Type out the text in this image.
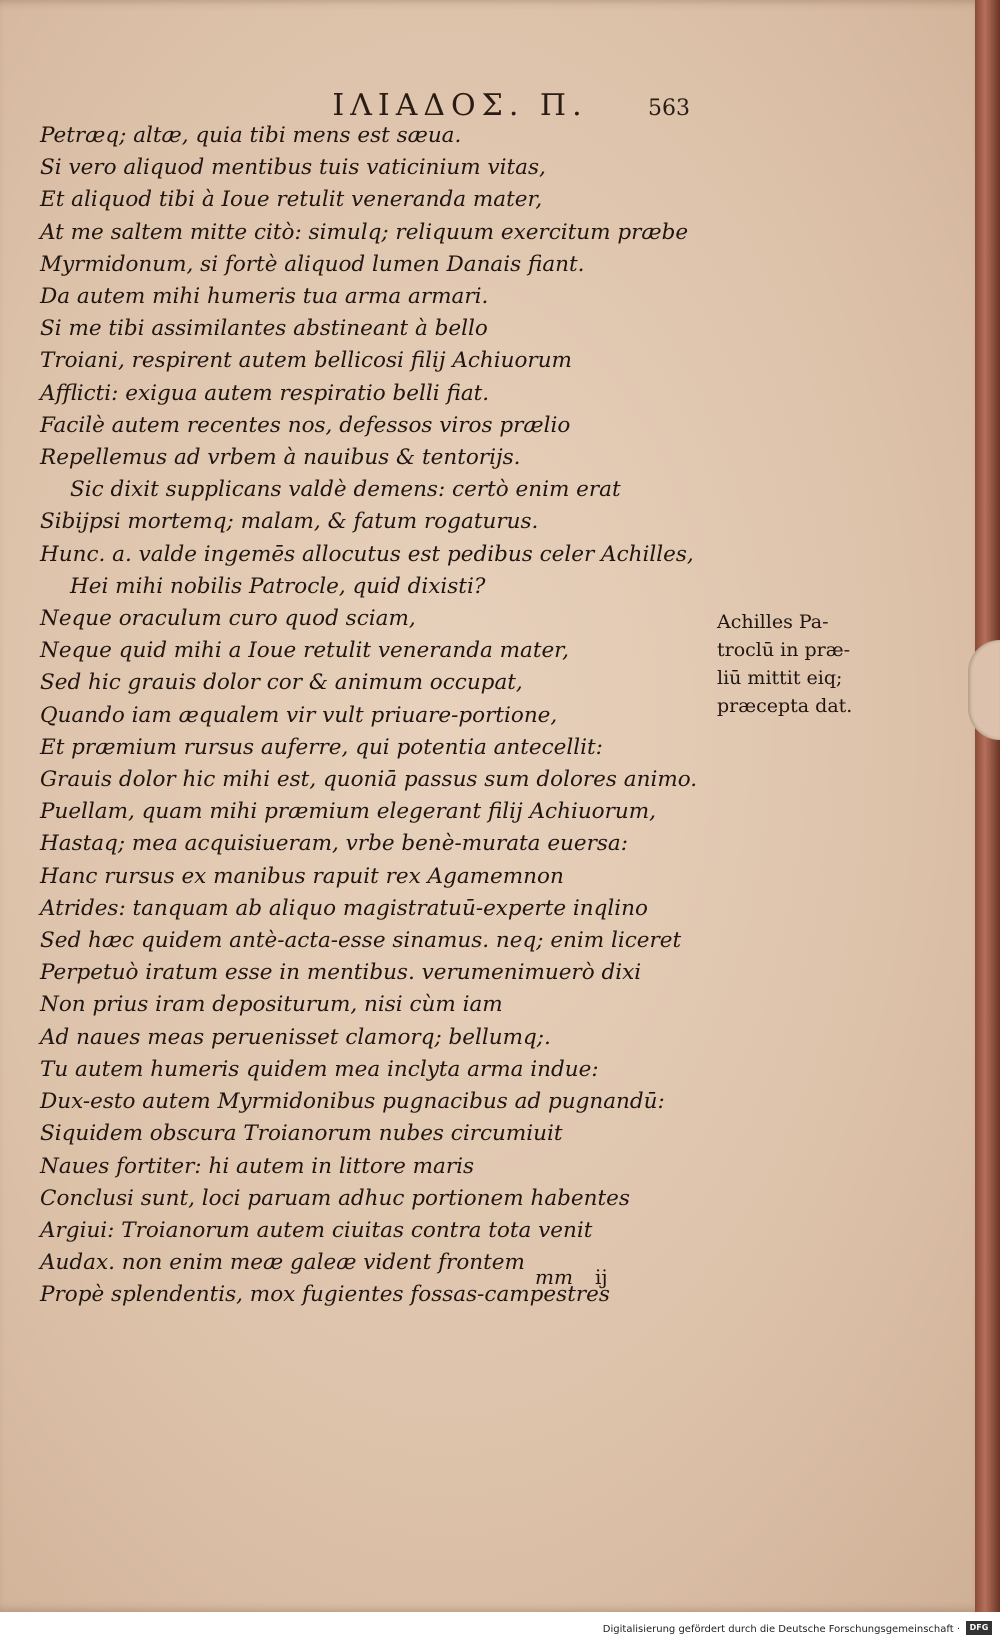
ΙΛΙΑΔΟΣ. Π.	563
Petræq; altæ, quia tibi mens est sæua.
Si vero aliquod mentibus tuis vaticinium vitas,
Et aliquod tibi à Ioue retulit veneranda mater,
At me saltem mitte citò: simulq; reliquum exercitum præbe
Myrmidonum, si fortè aliquod lumen Danais fiant.
Da autem mihi humeris tua arma armari.
Si me tibi assimilantes abstineant à bello
Troiani, respirent autem bellicosi filij Achiuorum
Afflicti: exigua autem respiratio belli fiat.
Facilè autem recentes nos, defessos viros prælio
Repellemus ad vrbem à nauibus & tentorijs.
Sic dixit supplicans valdè demens: certò enim erat
Sibijpsi mortemq; malam, & fatum rogaturus.
Hunc. a. valde ingemēs allocutus est pedibus celer Achilles,
Hei mihi nobilis Patrocle, quid dixisti?
Neque oraculum curo quod sciam,
Neque quid mihi a Ioue retulit veneranda mater,
Sed hic grauis dolor cor & animum occupat,
Quando iam æqualem vir vult priuare-portione,
Et præmium rursus auferre, qui potentia antecellit:
Grauis dolor hic mihi est, quoniā passus sum dolores animo.
Puellam, quam mihi præmium elegerant filij Achiuorum,
Hastaq; mea acquisiueram, vrbe benè-murata euersa:
Hanc rursus ex manibus rapuit rex Agamemnon
Atrides: tanquam ab aliquo magistratuū-experte inqlino
Sed hæc quidem antè-acta-esse sinamus. neq; enim liceret
Perpetuò iratum esse in mentibus. verumenimuerò dixi
Non prius iram depositurum, nisi cùm iam
Ad naues meas peruenisset clamorq; bellumq;.
Tu autem humeris quidem mea inclyta arma indue:
Dux-esto autem Myrmidonibus pugnacibus ad pugnandū:
Siquidem obscura Troianorum nubes circumiuit
Naues fortiter: hi autem in littore maris
Conclusi sunt, loci paruam adhuc portionem habentes
Argiui: Troianorum autem ciuitas contra tota venit
Audax. non enim meæ galeæ vident frontem
Propè splendentis, mox fugientes fossas-campestres
Achilles Pa-
troclū in præ-
liū mittit eiq;
præcepta dat.
mm ij
Digitalisierung gefördert durch die Deutsche Forschungsgemeinschaft ·	DFG
